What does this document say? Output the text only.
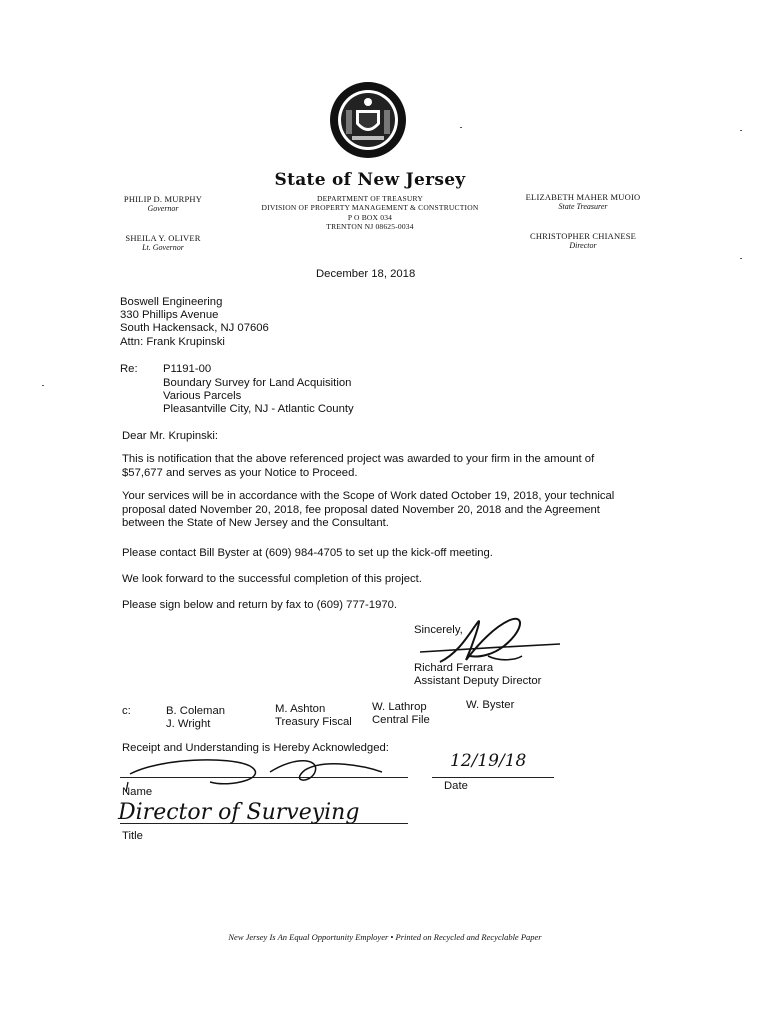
State of New Jersey
DEPARTMENT OF TREASURY
DIVISION OF PROPERTY MANAGEMENT & CONSTRUCTION
P O BOX 034
TRENTON NJ 08625-0034
PHILIP D. MURPHY
Governor
SHEILA Y. OLIVER
Lt. Governor
ELIZABETH MAHER MUOIO
State Treasurer
CHRISTOPHER CHIANESE
Director
December 18, 2018
Boswell Engineering
330 Phillips Avenue
South Hackensack, NJ 07606
Attn: Frank Krupinski
Re: P1191-00
Boundary Survey for Land Acquisition
Various Parcels
Pleasantville City, NJ - Atlantic County
Dear Mr. Krupinski:
This is notification that the above referenced project was awarded to your firm in the amount of $57,677 and serves as your Notice to Proceed.
Your services will be in accordance with the Scope of Work dated October 19, 2018, your technical proposal dated November 20, 2018, fee proposal dated November 20, 2018 and the Agreement between the State of New Jersey and the Consultant.
Please contact Bill Byster at (609) 984-4705 to set up the kick-off meeting.
We look forward to the successful completion of this project.
Please sign below and return by fax to (609) 777-1970.
Sincerely,
Richard Ferrara
Assistant Deputy Director
c:	B. Coleman
J. Wright
M. Ashton
Treasury Fiscal
W. Lathrop
Central File
W. Byster
Receipt and Understanding is Hereby Acknowledged:
Name
12/19/18
Date
Director of Surveying
Title
New Jersey Is An Equal Opportunity Employer • Printed on Recycled and Recyclable Paper
